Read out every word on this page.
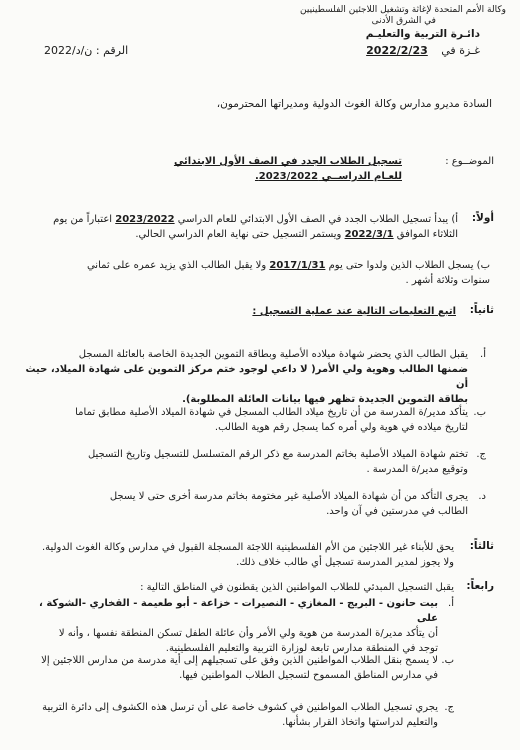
وكالة الأمم المتحدة لإغاثة وتشغيل اللاجئين الفلسطينيين
في الشرق الأدنى
دائـرة التربية والتعليـم
غـزة في 2022/2/23
الرقم : ن/د/2022
السادة مديرو مدارس وكالة الغوث الدولية ومديراتها المحترمون،
الموضــوع :
تسجيل الطلاب الجدد في الصف الأول الابتدائي
للعـام الدراســي 2023/2022.
أولاً:
أ) يبدأ تسجيل الطلاب الجدد في الصف الأول الابتدائي للعام الدراسي 2023/2022 اعتباراً من يوم
الثلاثاء الموافق 2022/3/1 ويستمر التسجيل حتى نهاية العام الدراسي الحالي.
ب) يسجل الطلاب الذين ولدوا حتى يوم 2017/1/31 ولا يقبل الطالب الذي يزيد عمره على ثماني
سنوات وثلاثة أشهر .
ثانياً:
اتبع التعليمات التالية عند عملية التسجيل :
أ.
يقبل الطالب الذي يحضر شهادة ميلاده الأصلية وبطاقة التموين الجديدة الخاصة بالعائلة المسجل
ضمنها الطالب وهوية ولي الأمر( لا داعي لوجود ختم مركز التموين على شهادة الميلاد، حيث أن
بطاقة التموين الجديدة تظهر فيها بيانات العائلة المطلوبة).
ب.
يتأكد مدير/ة المدرسة من أن تاريخ ميلاد الطالب المسجل في شهادة الميلاد الأصلية مطابق تماما
لتاريخ ميلاده في هوية ولي أمره كما يسجل رقم هوية الطالب.
ج.
تختم شهادة الميلاد الأصلية بخاتم المدرسة مع ذكر الرقم المتسلسل للتسجيل وتاريخ التسجيل
وتوقيع مدير/ة المدرسة .
د.
يجرى التأكد من أن شهادة الميلاد الأصلية غير مختومة بخاتم مدرسة أخرى حتى لا يسجل
الطالب في مدرستين في آن واحد.
ثالثاً:
يحق للأبناء غير اللاجئين من الأم الفلسطينية اللاجئة المسجلة القبول في مدارس وكالة الغوث الدولية.
ولا يجوز لمدير المدرسة تسجيل أي طالب خلاف ذلك.
رابعاً:
يقبل التسجيل المبدئي للطلاب المواطنين الذين يقطنون في المناطق التالية :
أ.
بيت حانون - البريج - المغازي - النصيرات - خزاعة - أبو طعيمة - القخاري -الشوكة ، على
أن يتأكد مدير/ة المدرسة من هوية ولي الأمر وأن عائلة الطفل تسكن المنطقة نفسها ، وأنه لا
توجد في المنطقة مدارس تابعة لوزارة التربية والتعليم الفلسطينية.
ب.
لا يسمح بنقل الطلاب المواطنين الذين وفق على تسجيلهم إلى أية مدرسة من مدارس اللاجئين إلا
في مدارس المناطق المسموح لتسجيل الطلاب المواطنين فيها.
ج.
يجري تسجيل الطلاب المواطنين في كشوف خاصة على أن ترسل هذه الكشوف إلى دائرة التربية
والتعليم لدراستها واتخاذ القرار بشأنها.
